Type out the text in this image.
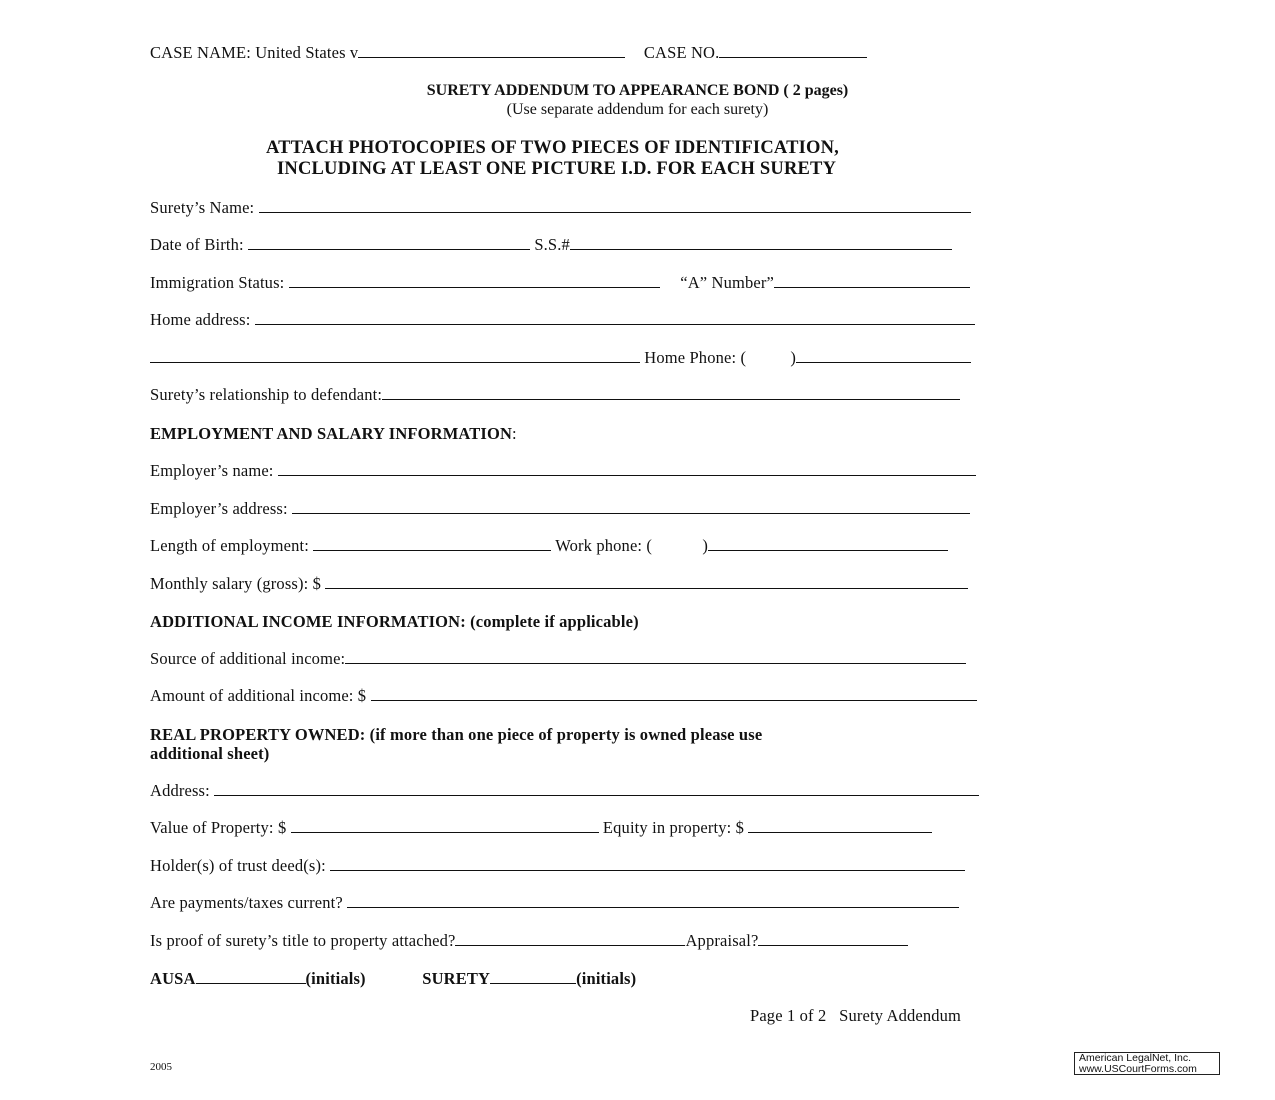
CASE NAME: United States v	CASE NO.
SURETY ADDENDUM TO APPEARANCE BOND ( 2 pages)
(Use separate addendum for each surety)
ATTACH PHOTOCOPIES OF TWO PIECES OF IDENTIFICATION,
INCLUDING AT LEAST ONE PICTURE I.D. FOR EACH SURETY
Surety’s Name:
Date of Birth:	S.S.#
Immigration Status:	“A” Number”
Home address:
Home Phone: (	)
Surety’s relationship to defendant:
EMPLOYMENT AND SALARY INFORMATION:
Employer’s name:
Employer’s address:
Length of employment:	Work phone: (	)
Monthly salary (gross): $
ADDITIONAL INCOME INFORMATION: (complete if applicable)
Source of additional income:
Amount of additional income: $
REAL PROPERTY OWNED: (if more than one piece of property is owned please use
additional sheet)
Address:
Value of Property: $	Equity in property: $
Holder(s) of trust deed(s):
Are payments/taxes current?
Is proof of surety’s title to property attached?	Appraisal?
AUSA	(initials)	SURETY	(initials)
Page 1 of 2   Surety Addendum
2005
American LegalNet, Inc.
www.USCourtForms.com
